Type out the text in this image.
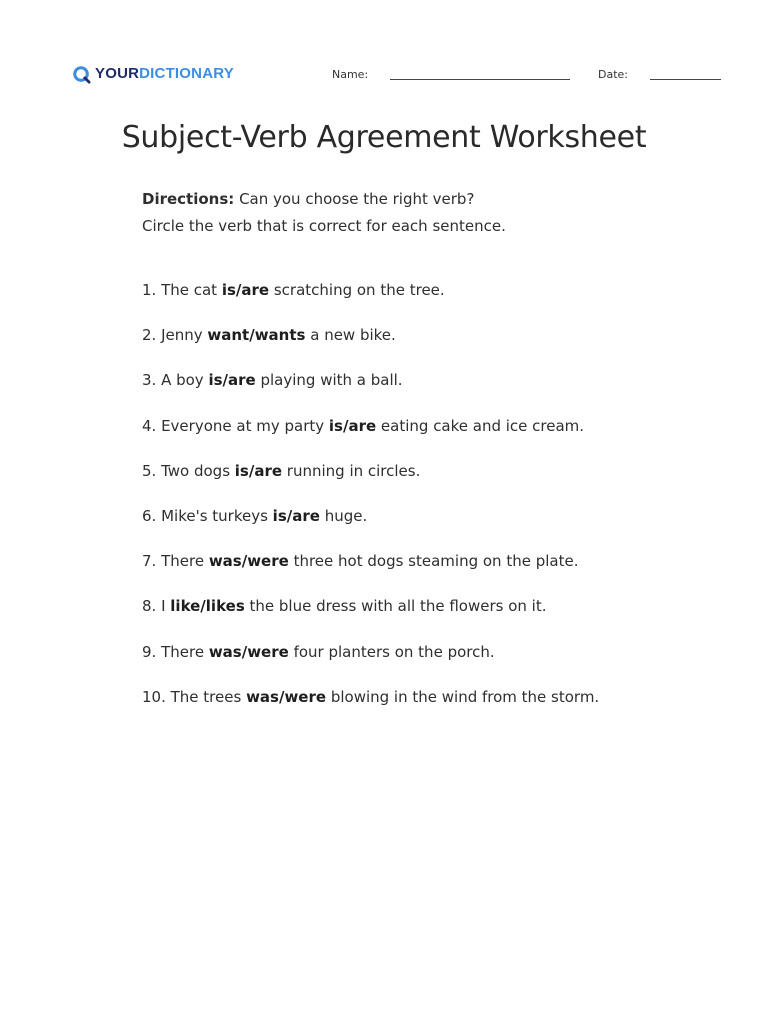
YOURDICTIONARY	Name:	Date:
Subject-Verb Agreement Worksheet
Directions: Can you choose the right verb?
Circle the verb that is correct for each sentence.
1. The cat is/are scratching on the tree.
2. Jenny want/wants a new bike.
3. A boy is/are playing with a ball.
4. Everyone at my party is/are eating cake and ice cream.
5. Two dogs is/are running in circles.
6. Mike's turkeys is/are huge.
7. There was/were three hot dogs steaming on the plate.
8. I like/likes the blue dress with all the flowers on it.
9. There was/were four planters on the porch.
10. The trees was/were blowing in the wind from the storm.
